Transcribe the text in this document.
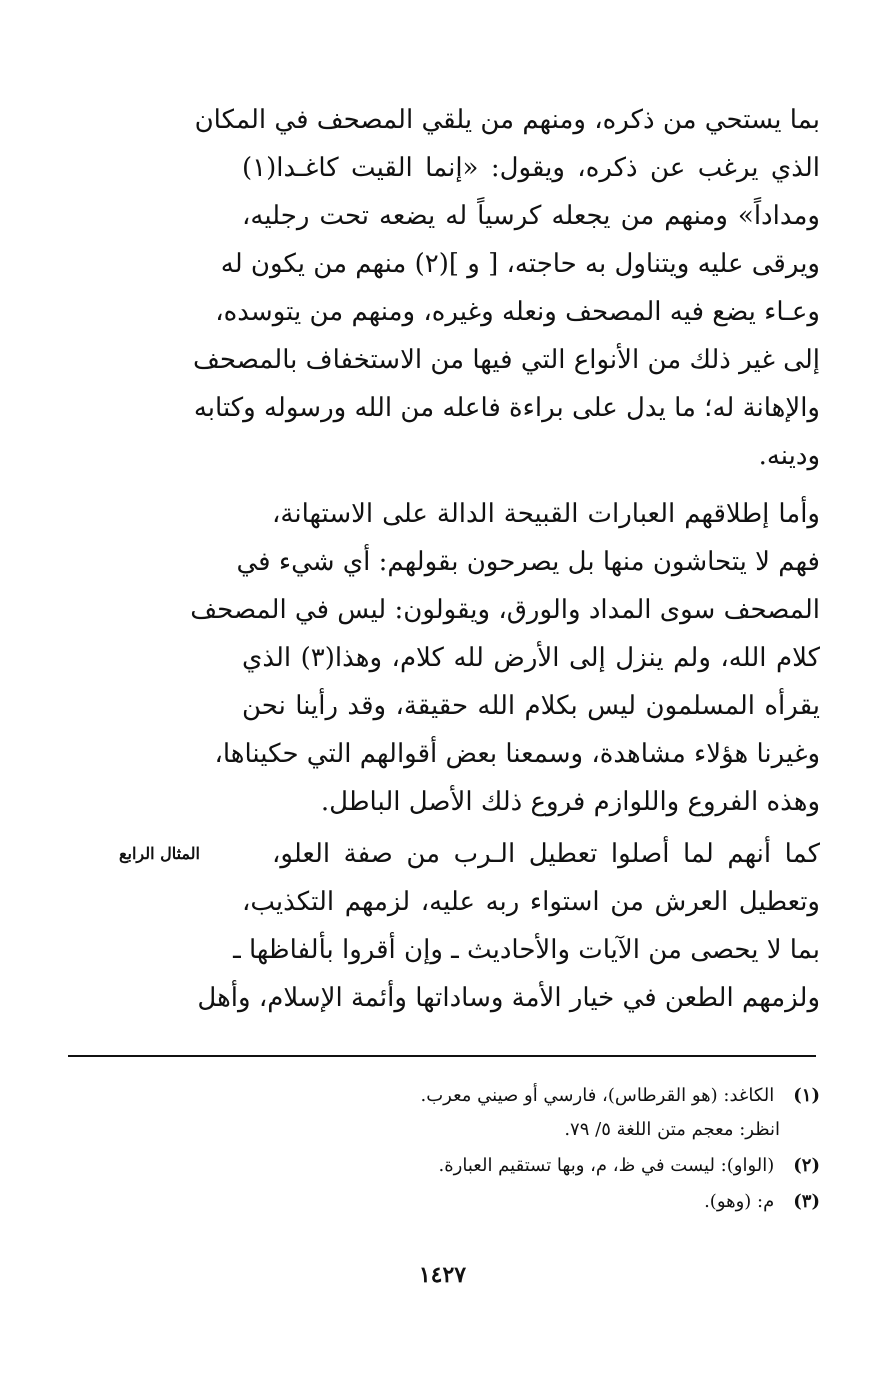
بما يستحي من ذكره، ومنهم من يلقي المصحف في المكان
الذي يرغب عن ذكره، ويقول: «إنما القيت كاغـدا(١)
ومداداً» ومنهم من يجعله كرسياً له يضعه تحت رجليه،
ويرقى عليه ويتناول به حاجته، [ و ](٢) منهم من يكون له
وعـاء يضع فيه المصحف ونعله وغيره، ومنهم من يتوسده،
إلى غير ذلك من الأنواع التي فيها من الاستخفاف بالمصحف
والإهانة له؛ ما يدل على براءة فاعله من الله ورسوله وكتابه
ودينه.
وأما إطلاقهم العبارات القبيحة الدالة على الاستهانة،
فهم لا يتحاشون منها بل يصرحون بقولهم: أي شيء في
المصحف سوى المداد والورق، ويقولون: ليس في المصحف
كلام الله، ولم ينزل إلى الأرض لله كلام، وهذا(٣) الذي
يقرأه المسلمون ليس بكلام الله حقيقة، وقد رأينا نحن
وغيرنا هؤلاء مشاهدة، وسمعنا بعض أقوالهم التي حكيناها،
وهذه الفروع واللوازم فروع ذلك الأصل الباطل.
كما أنهم لما أصلوا تعطيل الـرب من صفة العلو،
وتعطيل العرش من استواء ربه عليه، لزمهم التكذيب،
بما لا يحصى من الآيات والأحاديث ـ وإن أقروا بألفاظها ـ
ولزمهم الطعن في خيار الأمة وساداتها وأئمة الإسلام، وأهل
المثال الرابع
(١) الكاغد: (هو القرطاس)، فارسي أو صيني معرب.
انظر: معجم متن اللغة ٥/ ٧٩.
(٢) (الواو): ليست في ظ، م، وبها تستقيم العبارة.
(٣) م: (وهو).
١٤٢٧
